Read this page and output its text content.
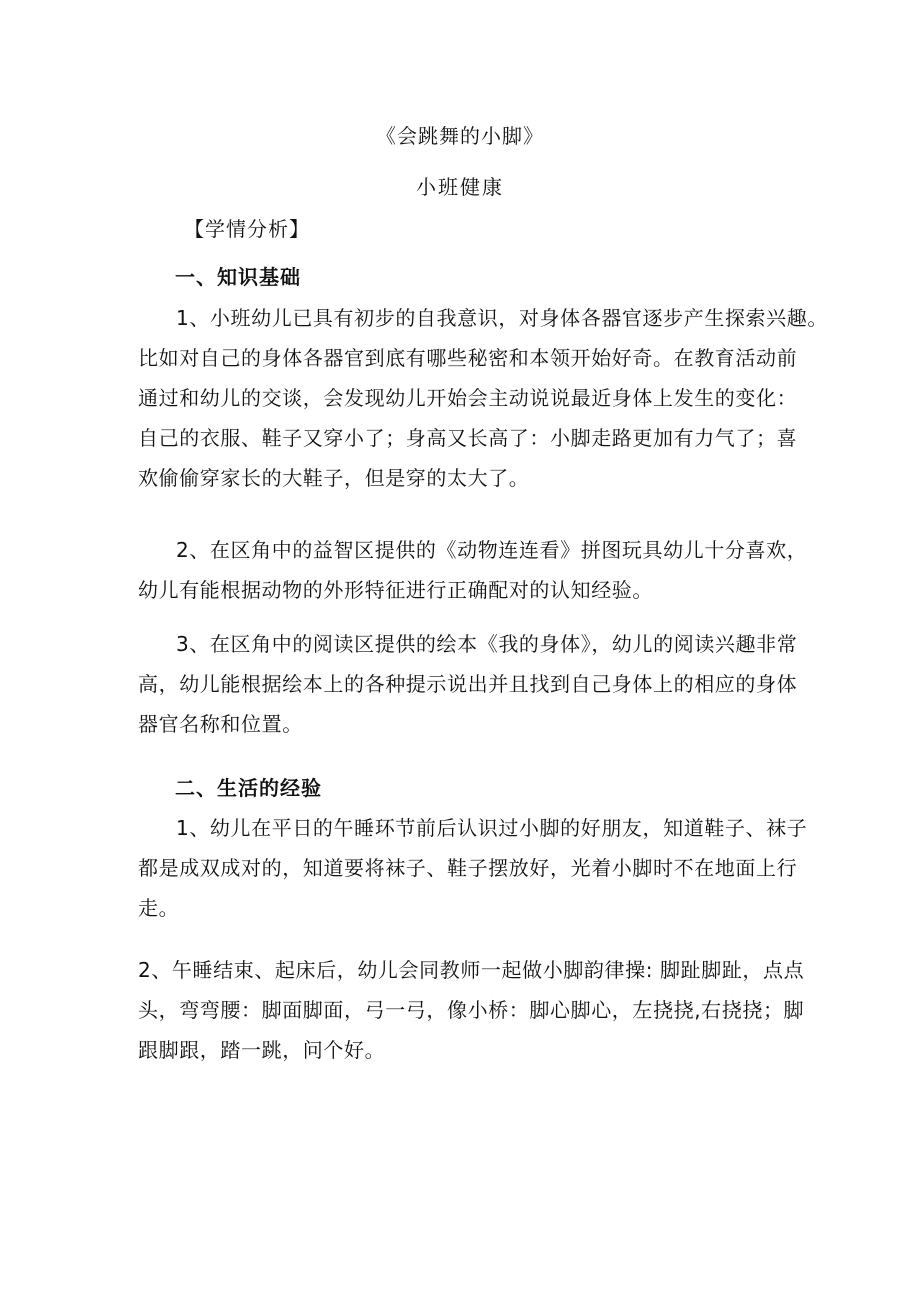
《会跳舞的小脚》
小班健康
【学情分析】
一、知识基础
1、小班幼儿已具有初步的自我意识，对身体各器官逐步产生探索兴趣。
比如对自己的身体各器官到底有哪些秘密和本领开始好奇。在教育活动前
通过和幼儿的交谈，会发现幼儿开始会主动说说最近身体上发生的变化：
自己的衣服、鞋子又穿小了；身高又长高了：小脚走路更加有力气了；喜
欢偷偷穿家长的大鞋子，但是穿的太大了。
2、在区角中的益智区提供的《动物连连看》拼图玩具幼儿十分喜欢，
幼儿有能根据动物的外形特征进行正确配对的认知经验。
3、在区角中的阅读区提供的绘本《我的身体》，幼儿的阅读兴趣非常
高，幼儿能根据绘本上的各种提示说出并且找到自己身体上的相应的身体
器官名称和位置。
二、生活的经验
1、幼儿在平日的午睡环节前后认识过小脚的好朋友，知道鞋子、袜子
都是成双成对的，知道要将袜子、鞋子摆放好，光着小脚时不在地面上行
走。
2、午睡结束、起床后，幼儿会同教师一起做小脚韵律操: 脚趾脚趾，点点
头，弯弯腰：脚面脚面，弓一弓，像小桥：脚心脚心，左挠挠,右挠挠；脚
跟脚跟，踏一跳，问个好。
